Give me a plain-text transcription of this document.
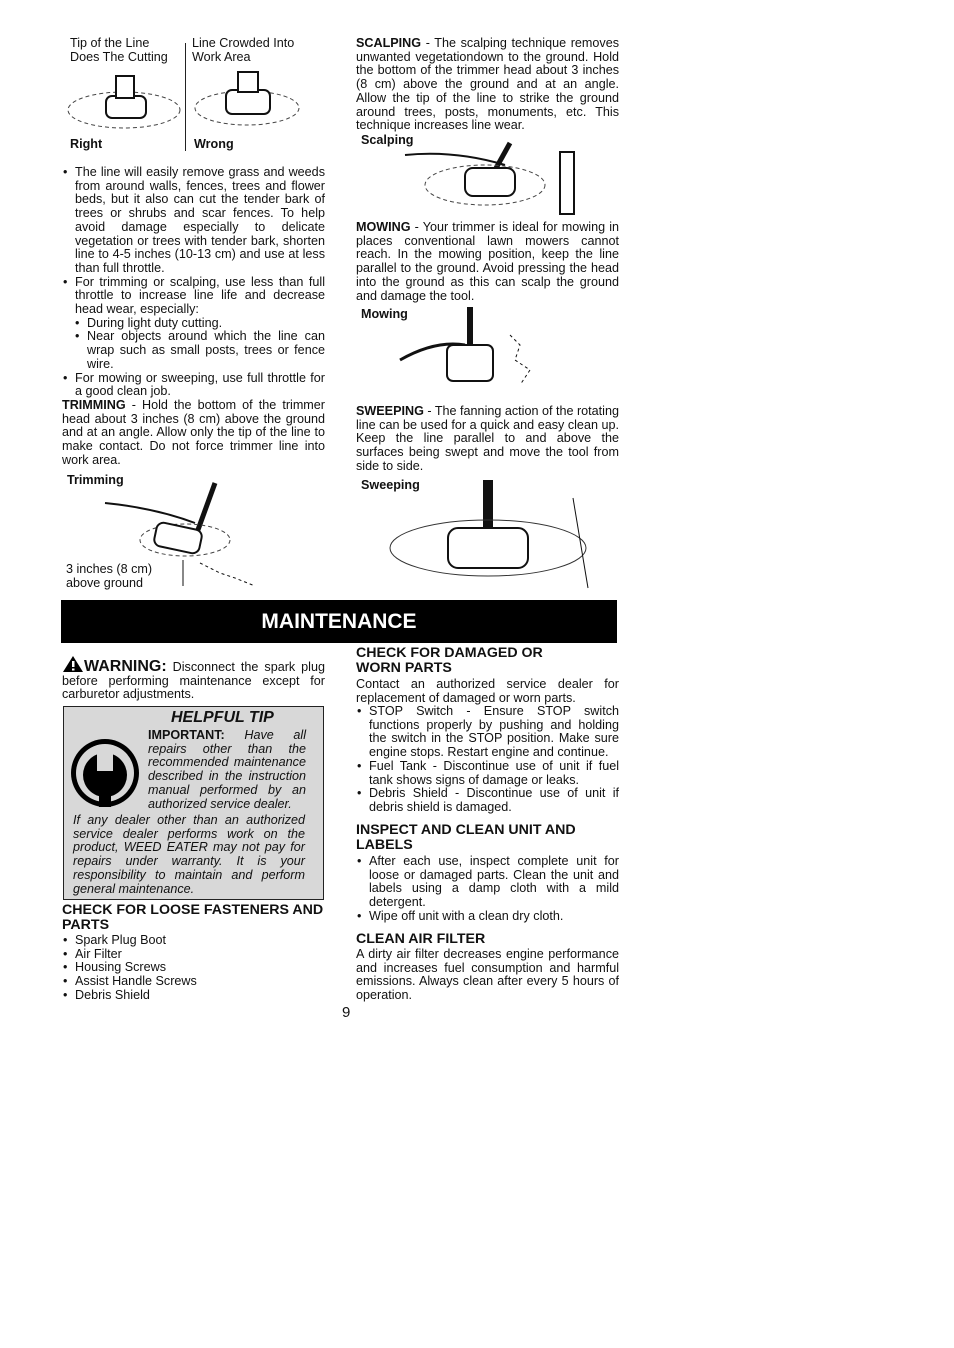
Tip of the Line Does The Cutting
Line Crowded Into Work Area
Right	Wrong
• The line will easily remove grass and weeds from around walls, fences, trees and flower beds, but it also can cut the tender bark of trees or shrubs and scar fences. To help avoid damage especially to delicate vegetation or trees with tender bark, shorten line to 4-5 inches (10-13 cm) and use at less than full throttle.
• For trimming or scalping, use less than full throttle to increase line life and decrease head wear, especially:
• During light duty cutting.
• Near objects around which the line can wrap such as small posts, trees or fence wire.
• For mowing or sweeping, use full throttle for a good clean job.
TRIMMING - Hold the bottom of the trimmer head about 3 inches (8 cm) above the ground and at an angle. Allow only the tip of the line to make contact. Do not force trimmer line into work area.
Trimming
3 inches (8 cm) above ground
SCALPING - The scalping technique removes unwanted vegetationdown to the ground. Hold the bottom of the trimmer head about 3 inches (8 cm) above the ground and at an angle. Allow the tip of the line to strike the ground around trees, posts, monuments, etc. This technique increases line wear.
Scalping
MOWING - Your trimmer is ideal for mowing in places conventional lawn mowers cannot reach. In the mowing position, keep the line parallel to the ground. Avoid pressing the head into the ground as this can scalp the ground and damage the tool.
Mowing
SWEEPING - The fanning action of the rotating line can be used for a quick and easy clean up. Keep the line parallel to and above the surfaces being swept and move the tool from side to side.
Sweeping
MAINTENANCE
WARNING: Disconnect the spark plug before performing maintenance except for carburetor adjustments.
HELPFUL TIP
IMPORTANT: Have all repairs other than the recommended maintenance described in the instruction manual performed by an authorized service dealer.
If any dealer other than an authorized service dealer performs work on the product, WEED EATER may not pay for repairs under warranty. It is your responsibility to maintain and perform general maintenance.
CHECK FOR LOOSE FASTENERS AND PARTS
• Spark Plug Boot
• Air Filter
• Housing Screws
• Assist Handle Screws
• Debris Shield
CHECK FOR DAMAGED OR WORN PARTS
Contact an authorized service dealer for replacement of damaged or worn parts.
• STOP Switch - Ensure STOP switch functions properly by pushing and holding the switch in the STOP position. Make sure engine stops. Restart engine and continue.
• Fuel Tank - Discontinue use of unit if fuel tank shows signs of damage or leaks.
• Debris Shield - Discontinue use of unit if debris shield is damaged.
INSPECT AND CLEAN UNIT AND LABELS
• After each use, inspect complete unit for loose or damaged parts. Clean the unit and labels using a damp cloth with a mild detergent.
• Wipe off unit with a clean dry cloth.
CLEAN AIR FILTER
A dirty air filter decreases engine performance and increases fuel consumption and harmful emissions. Always clean after every 5 hours of operation.
9
